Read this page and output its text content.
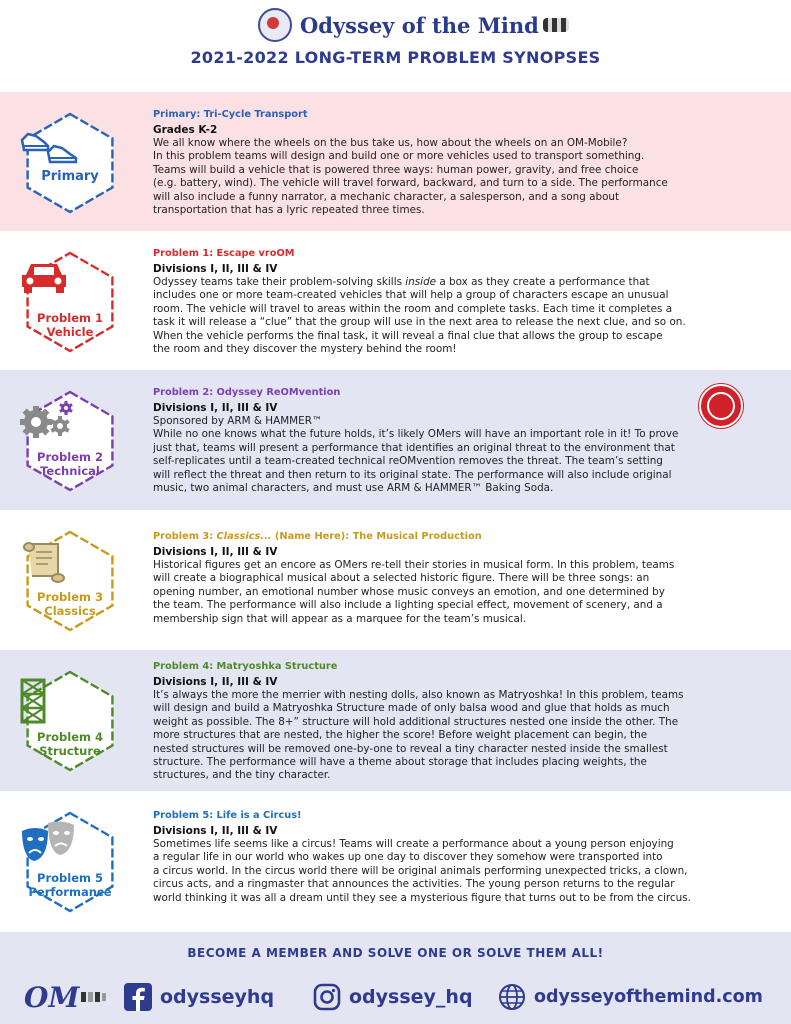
Odyssey of the Mind
2021-2022 LONG-TERM PROBLEM SYNOPSES
Primary
Primary: Tri-Cycle Transport
Grades K-2
We all know where the wheels on the bus take us, how about the wheels on an OM-Mobile?
In this problem teams will design and build one or more vehicles used to transport something.
Teams will build a vehicle that is powered three ways: human power, gravity, and free choice
(e.g. battery, wind). The vehicle will travel forward, backward, and turn to a side. The performance
will also include a funny narrator, a mechanic character, a salesperson, and a song about
transportation that has a lyric repeated three times.
Problem 1
Vehicle
Problem 1: Escape vroOM
Divisions I, II, III & IV
Odyssey teams take their problem-solving skills inside a box as they create a performance that
includes one or more team-created vehicles that will help a group of characters escape an unusual
room. The vehicle will travel to areas within the room and complete tasks. Each time it completes a
task it will release a “clue” that the group will use in the next area to release the next clue, and so on.
When the vehicle performs the final task, it will reveal a final clue that allows the group to escape
the room and they discover the mystery behind the room!
Problem 2
Technical
Problem 2: Odyssey ReOMvention
Divisions I, II, III & IV
Sponsored by ARM & HAMMER™
While no one knows what the future holds, it’s likely OMers will have an important role in it! To prove
just that, teams will present a performance that identifies an original threat to the environment that
self-replicates until a team-created technical reOMvention removes the threat. The team’s setting
will reflect the threat and then return to its original state. The performance will also include original
music, two animal characters, and must use ARM & HAMMER™ Baking Soda.
Problem 3
Classics
Problem 3: Classics... (Name Here): The Musical Production
Divisions I, II, III & IV
Historical figures get an encore as OMers re-tell their stories in musical form. In this problem, teams
will create a biographical musical about a selected historic figure. There will be three songs: an
opening number, an emotional number whose music conveys an emotion, and one determined by
the team. The performance will also include a lighting special effect, movement of scenery, and a
membership sign that will appear as a marquee for the team’s musical.
Problem 4
Structure
Problem 4: Matryoshka Structure
Divisions I, II, III & IV
It’s always the more the merrier with nesting dolls, also known as Matryoshka! In this problem, teams
will design and build a Matryoshka Structure made of only balsa wood and glue that holds as much
weight as possible. The 8+” structure will hold additional structures nested one inside the other. The
more structures that are nested, the higher the score! Before weight placement can begin, the
nested structures will be removed one-by-one to reveal a tiny character nested inside the smallest
structure. The performance will have a theme about storage that includes placing weights, the
structures, and the tiny character.
Problem 5
Performance
Problem 5: Life is a Circus!
Divisions I, II, III & IV
Sometimes life seems like a circus! Teams will create a performance about a young person enjoying
a regular life in our world who wakes up one day to discover they somehow were transported into
a circus world. In the circus world there will be original animals performing unexpected tricks, a clown,
circus acts, and a ringmaster that announces the activities. The young person returns to the regular
world thinking it was all a dream until they see a mysterious figure that turns out to be from the circus.
BECOME A MEMBER AND SOLVE ONE OR SOLVE THEM ALL!
OM	odysseyhq	odyssey_hq	odysseyofthemind.com
